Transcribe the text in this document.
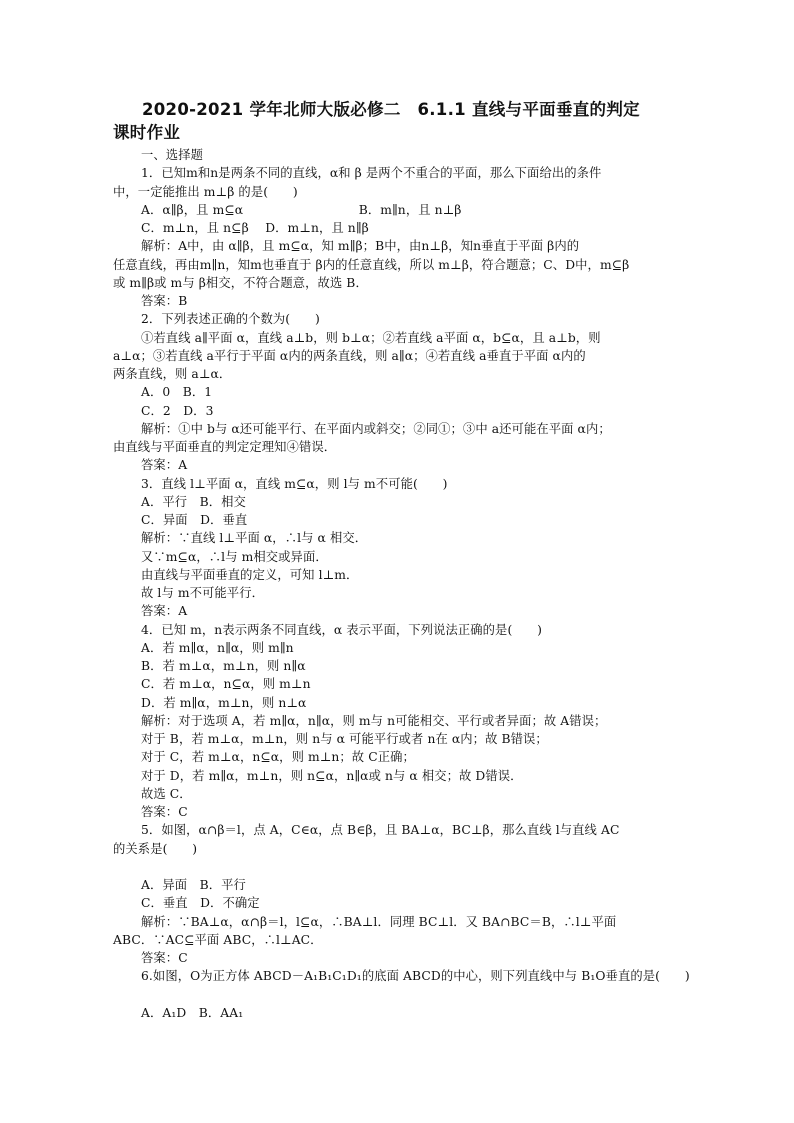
2020-2021 学年北师大版必修二　6.1.1 直线与平面垂直的判定
课时作业
一、选择题
1．已知m和n是两条不同的直线，α和 β 是两个不重合的平面，那么下面给出的条件
中，一定能推出 m⊥β 的是(　　)
A．α∥β，且 m⊆α　　　　　　　　　 B．m∥n，且 n⊥β
C．m⊥n，且 n⊆β　 D．m⊥n，且 n∥β
解析：A中，由 α∥β，且 m⊆α，知 m∥β；B中，由n⊥β，知n垂直于平面 β内的
任意直线，再由m∥n，知m也垂直于 β内的任意直线，所以 m⊥β，符合题意；C、D中，m⊆β
或 m∥β或 m与 β相交，不符合题意，故选 B．
答案：B
2．下列表述正确的个数为(　　)
①若直线 a∥平面 α，直线 a⊥b，则 b⊥α；②若直线 a平面 α，b⊆α，且 a⊥b，则
a⊥α；③若直线 a平行于平面 α内的两条直线，则 a∥α；④若直线 a垂直于平面 α内的
两条直线，则 a⊥α．
A．0　B．1
C．2　D．3
解析：①中 b与 α还可能平行、在平面内或斜交；②同①；③中 a还可能在平面 α内；
由直线与平面垂直的判定定理知④错误．
答案：A
3．直线 l⊥平面 α，直线 m⊆α，则 l与 m不可能(　　)
A．平行　B．相交
C．异面　D．垂直
解析：∵直线 l⊥平面 α，∴l与 α 相交．
又∵m⊆α，∴l与 m相交或异面．
由直线与平面垂直的定义，可知 l⊥m．
故 l与 m不可能平行．
答案：A
4．已知 m，n表示两条不同直线，α 表示平面，下列说法正确的是(　　)
A．若 m∥α，n∥α，则 m∥n
B．若 m⊥α，m⊥n，则 n∥α
C．若 m⊥α，n⊆α，则 m⊥n
D．若 m∥α，m⊥n，则 n⊥α
解析：对于选项 A，若 m∥α，n∥α，则 m与 n可能相交、平行或者异面；故 A错误；
对于 B，若 m⊥α，m⊥n，则 n与 α 可能平行或者 n在 α内；故 B错误；
对于 C，若 m⊥α，n⊆α，则 m⊥n；故 C正确；
对于 D，若 m∥α，m⊥n，则 n⊆α，n∥α或 n与 α 相交；故 D错误．
故选 C．
答案：C
5．如图，α∩β＝l，点 A，C∈α，点 B∈β，且 BA⊥α，BC⊥β，那么直线 l与直线 AC
的关系是(　　)
A．异面　B．平行
C．垂直　D．不确定
解析：∵BA⊥α，α∩β＝l，l⊆α，∴BA⊥l．同理 BC⊥l．又 BA∩BC＝B，∴l⊥平面
ABC．∵AC⊆平面 ABC，∴l⊥AC．
答案：C
6.如图，O为正方体 ABCD－A₁B₁C₁D₁的底面 ABCD的中心，则下列直线中与 B₁O垂直的是(　　)
A．A₁D　B．AA₁
